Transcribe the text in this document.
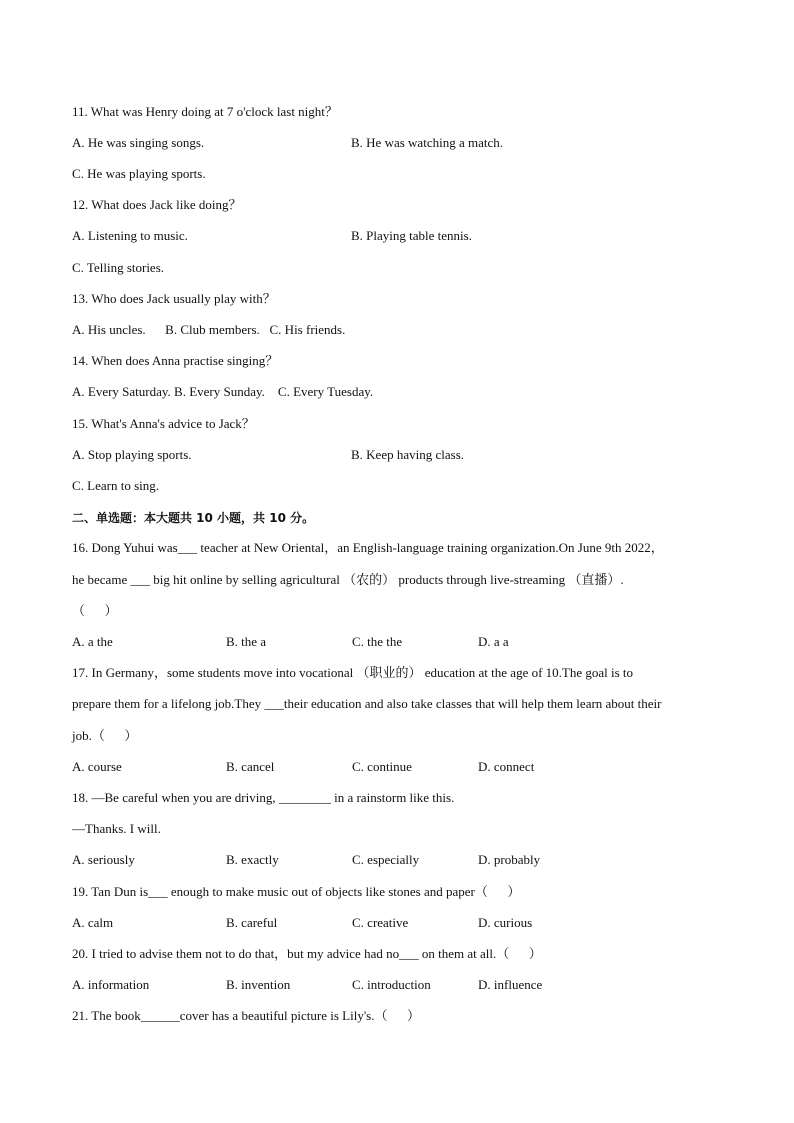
11. What was Henry doing at 7 o'clock last night？
A. He was singing songs.	B. He was watching a match.
C. He was playing sports.
12. What does Jack like doing？
A. Listening to music.	B. Playing table tennis.
C. Telling stories.
13. Who does Jack usually play with？
A. His uncles.      B. Club members.   C. His friends.
14. When does Anna practise singing？
A. Every Saturday. B. Every Sunday.    C. Every Tuesday.
15. What's Anna's advice to Jack？
A. Stop playing sports.	B. Keep having class.
C. Learn to sing.
二、单选题：本大题共 10 小题，共 10 分。
16. Dong Yuhui was___ teacher at New Oriental，an English-language training organization.On June 9th 2022，
he became ___ big hit online by selling agricultural （农的） products through live-streaming （直播）.
（      ）
A. a the	B. the a	C. the the	D. a a
17. In Germany，some students move into vocational （职业的） education at the age of 10.The goal is to
prepare them for a lifelong job.They ___their education and also take classes that will help them learn about their
job.（      ）
A. course	B. cancel	C. continue	D. connect
18. —Be careful when you are driving, ________ in a rainstorm like this.
—Thanks. I will.
A. seriously	B. exactly	C. especially	D. probably
19. Tan Dun is___ enough to make music out of objects like stones and paper（      ）
A. calm	B. careful	C. creative	D. curious
20. I tried to advise them not to do that，but my advice had no___ on them at all.（      ）
A. information	B. invention	C. introduction	D. influence
21. The book______cover has a beautiful picture is Lily's.（      ）
